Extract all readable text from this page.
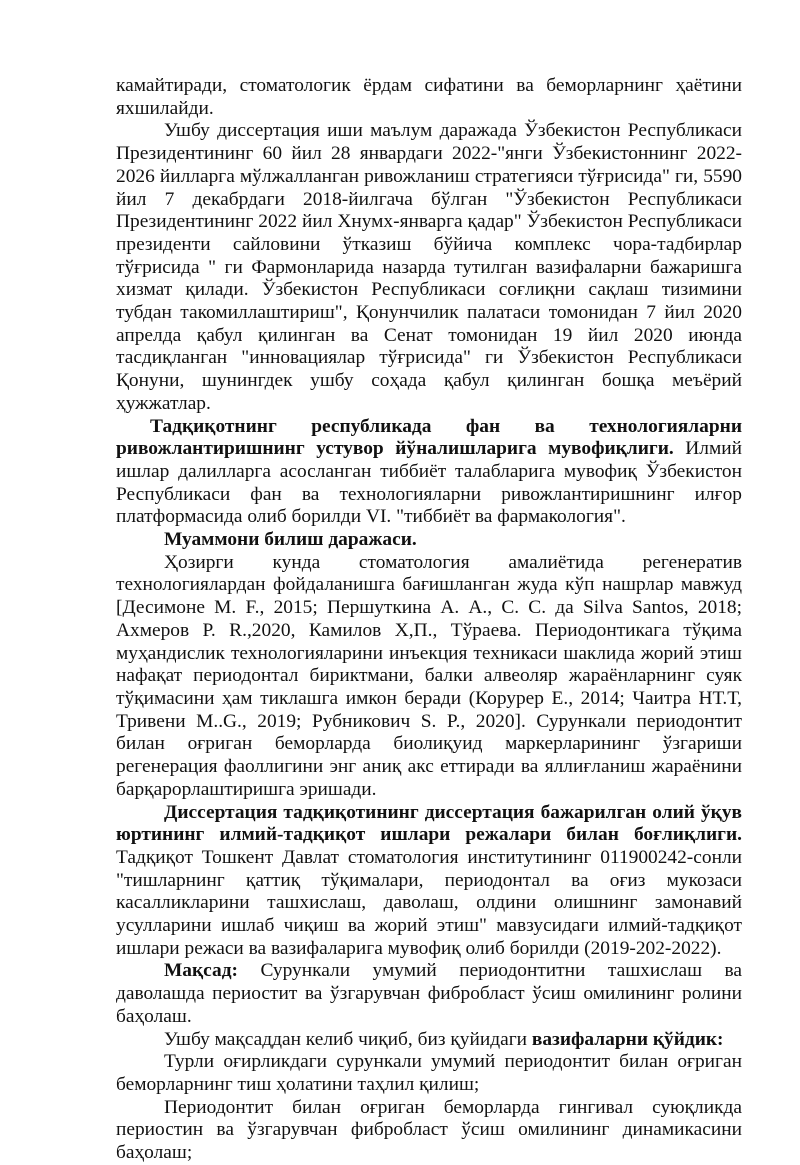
камайтиради, стоматологик ёрдам сифатини ва беморларнинг ҳаётини яхшилайди.

Ушбу диссертация иши маълум даражада Ўзбекистон Республикаси Президентининг 60 йил 28 январдаги 2022-"янги Ўзбекистоннинг 2022-2026 йилларга мўлжалланган ривожланиш стратегияси тўғрисида" ги, 5590 йил 7 декабрдаги 2018-йилгача бўлган "Ўзбекистон Республикаси Президентининг 2022 йил Хнумх-январга қадар" Ўзбекистон Республикаси президенти сайловини ўтказиш бўйича комплекс чора-тадбирлар тўғрисида " ги Фармонларида назарда тутилган вазифаларни бажаришга хизмат қилади. Ўзбекистон Республикаси соғлиқни сақлаш тизимини тубдан такомиллаштириш", Қонунчилик палатаси томонидан 7 йил 2020 апрелда қабул қилинган ва Сенат томонидан 19 йил 2020 июнда тасдиқланган "инновациялар тўғрисида" ги Ўзбекистон Республикаси Қонуни, шунингдек ушбу соҳада қабул қилинган бошқа меъёрий ҳужжатлар.

Тадқиқотнинг республикада фан ва технологияларни ривожлантиришнинг устувор йўналишларига мувофиқлиги. Илмий ишлар далилларга асосланган тиббиёт талабларига мувофиқ Ўзбекистон Республикаси фан ва технологияларни ривожлантиришнинг илғор платформасида олиб борилди VI. "тиббиёт ва фармакология".

Муаммони билиш даражаси.

Ҳозирги кунда стоматология амалиётида регенератив технологиялардан фойдаланишга бағишланган жуда кўп нашрлар мавжуд [Десимоне M. F., 2015; Першуткина А. А., С. С. да Silva Santos, 2018; Ахмеров Р. R.,2020, Камилов Х,П., Тўраева. Периодонтикага тўқима муҳандислик технологияларини инъекция техникаси шаклида жорий этиш нафақат периодонтал бириктмани, балки алвеоляр жараёнларнинг суяк тўқимасини ҳам тиклашга имкон беради (Корурер E., 2014; Чаитра НТ.Т, Тривени M..G., 2019; Рубникович S. P., 2020]. Сурункали периодонтит билан оғриган беморларда биолиқуид маркерларининг ўзгариши регенерация фаоллигини энг аниқ акс еттиради ва яллиғланиш жараёнини барқарорлаштиришга эришади.

Диссертация тадқиқотининг диссертация бажарилган олий ўқув юртининг илмий-тадқиқот ишлари режалари билан боғлиқлиги. Тадқиқот Тошкент Давлат стоматология институтининг 011900242-сонли "тишларнинг қаттиқ тўқималари, периодонтал ва оғиз мукозаси касалликларини ташхислаш, даволаш, олдини олишнинг замонавий усулларини ишлаб чиқиш ва жорий этиш" мавзусидаги илмий-тадқиқот ишлари режаси ва вазифаларига мувофиқ олиб борилди (2019-202-2022).

Мақсад: Сурункали умумий периодонтитни ташхислаш ва даволашда периостит ва ўзгарувчан фибробласт ўсиш омилининг ролини баҳолаш.

Ушбу мақсаддан келиб чиқиб, биз қуйидаги вазифаларни қўйдик:

Турли оғирликдаги сурункали умумий периодонтит билан оғриган беморларнинг тиш ҳолатини таҳлил қилиш;

Периодонтит билан оғриган беморларда гингивал суюқликда периостин ва ўзгарувчан фибробласт ўсиш омилининг динамикасини баҳолаш;
